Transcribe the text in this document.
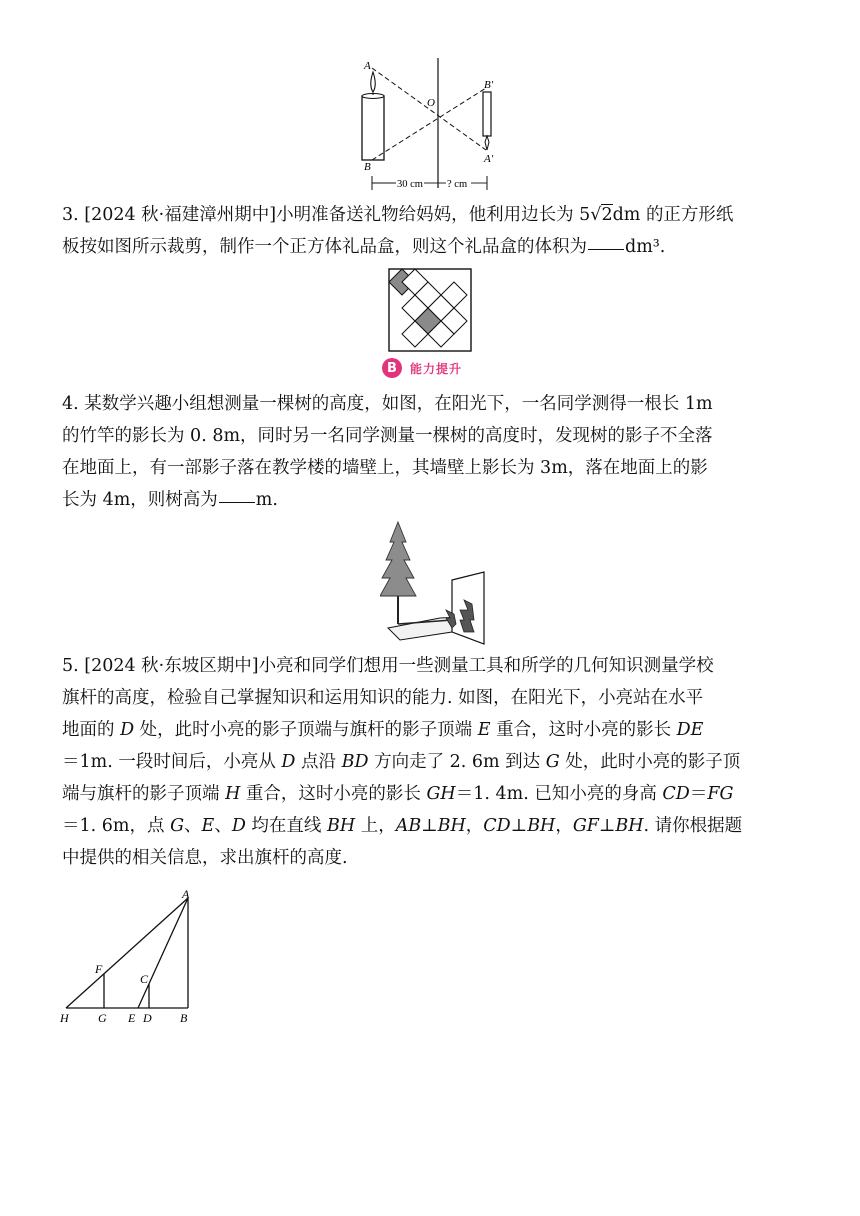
A
B
O
B′
A′
30 cm ? cm
3. [2024 秋·福建漳州期中]小明准备送礼物给妈妈，他利用边长为 5√2dm 的正方形纸
板按如图所示裁剪，制作一个正方体礼品盒，则这个礼品盒的体积为 dm³.
B	能力提升
4. 某数学兴趣小组想测量一棵树的高度，如图，在阳光下，一名同学测得一根长 1m
的竹竿的影长为 0. 8m，同时另一名同学测量一棵树的高度时，发现树的影子不全落
在地面上，有一部影子落在教学楼的墙壁上，其墙壁上影长为 3m，落在地面上的影
长为 4m，则树高为 m.
5. [2024 秋·东坡区期中]小亮和同学们想用一些测量工具和所学的几何知识测量学校
旗杆的高度，检验自己掌握知识和运用知识的能力. 如图，在阳光下，小亮站在水平
地面的 D 处，此时小亮的影子顶端与旗杆的影子顶端 E 重合，这时小亮的影长 DE
＝1m. 一段时间后，小亮从 D 点沿 BD 方向走了 2. 6m 到达 G 处，此时小亮的影子顶
端与旗杆的影子顶端 H 重合，这时小亮的影长 GH＝1. 4m. 已知小亮的身高 CD＝FG
＝1. 6m，点 G、E、D 均在直线 BH 上，AB⊥BH，CD⊥BH，GF⊥BH. 请你根据题
中提供的相关信息，求出旗杆的高度.
A
F
C
H G E D B
